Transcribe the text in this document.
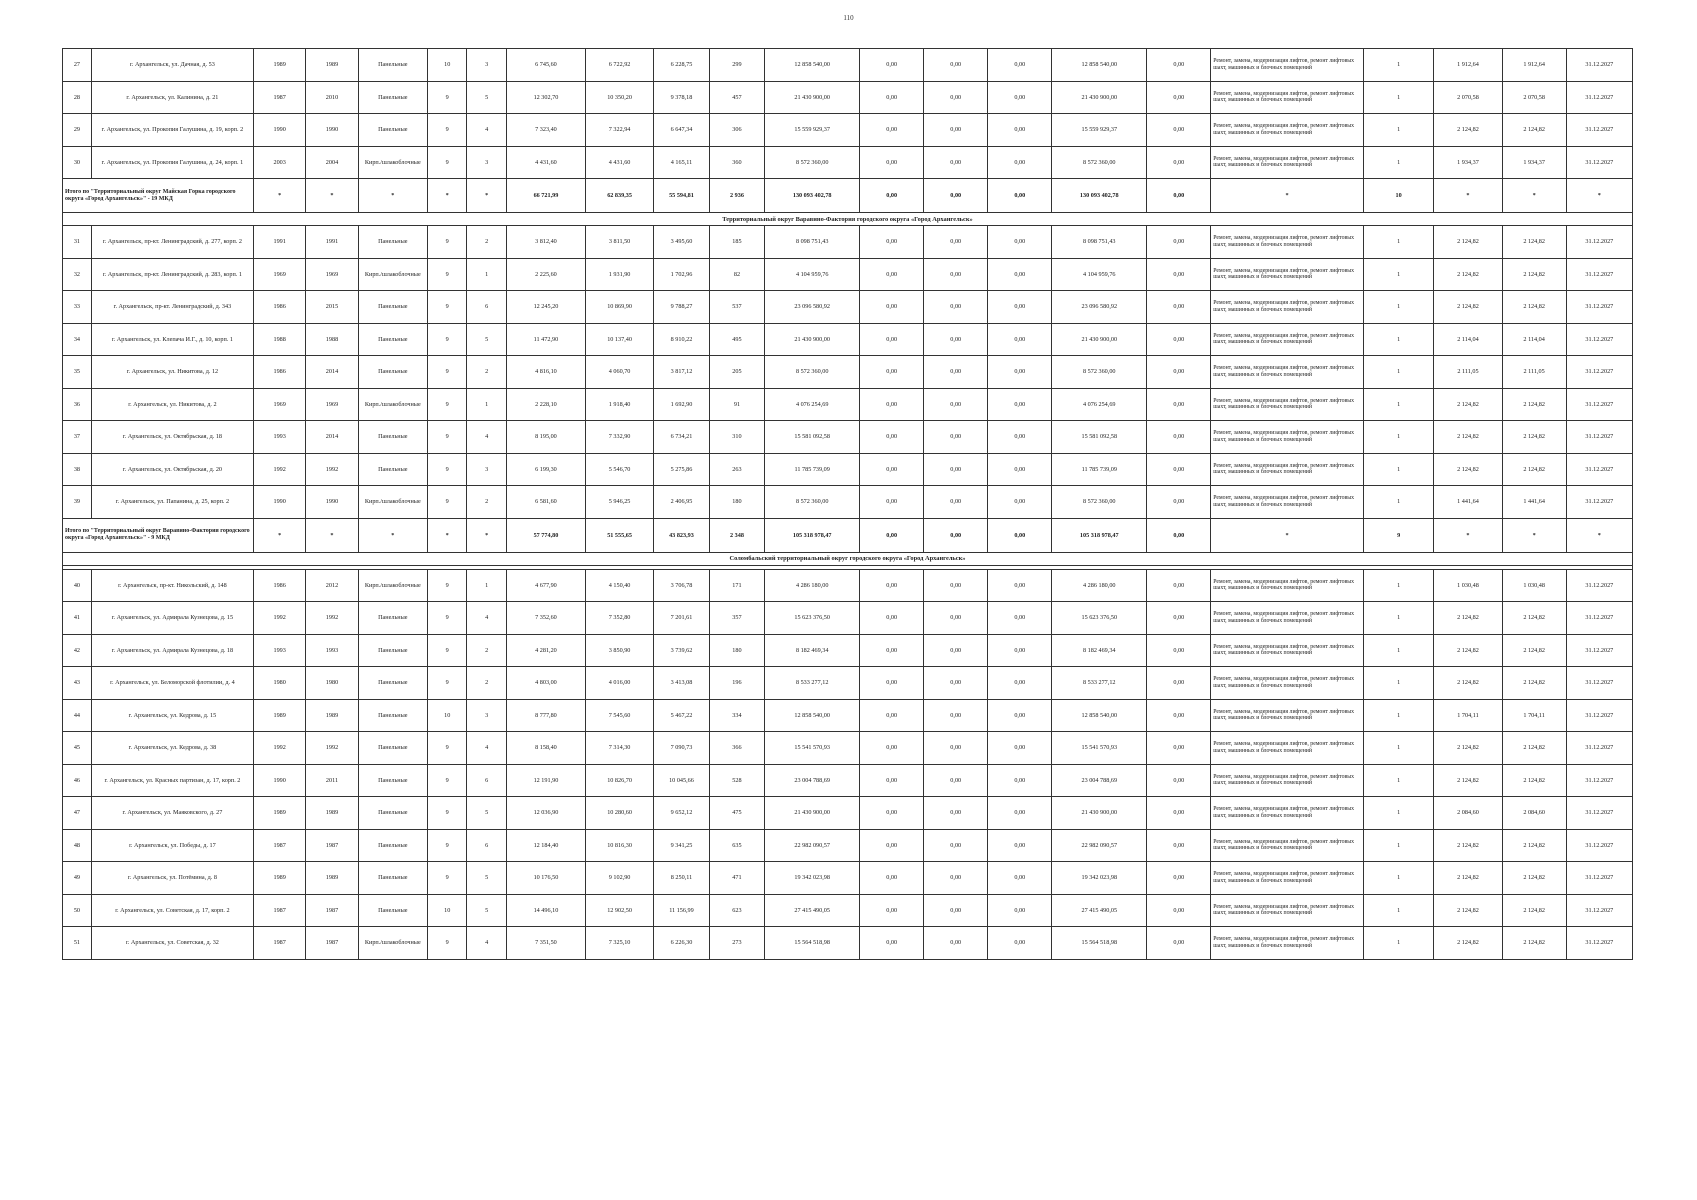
110
27	г. Архангельск, ул. Дачная, д. 53	1989	1989	Панельные	10	3	6 745,60	6 722,92	6 228,75	299	12 858 540,00	0,00	0,00	0,00	12 858 540,00	0,00	Ремонт, замена, модернизация лифтов, ремонт лифтовых шахт, машинных и блочных помещений	1	1 912,64	1 912,64	31.12.2027
28	г. Архангельск, ул. Калинина, д. 21	1987	2010	Панельные	9	5	12 302,70	10 350,20	9 378,18	457	21 430 900,00	0,00	0,00	0,00	21 430 900,00	0,00	Ремонт, замена, модернизация лифтов, ремонт лифтовых шахт, машинных и блочных помещений	1	2 070,58	2 070,58	31.12.2027
29	г. Архангельск, ул. Прокопия Галушина, д. 19, корп. 2	1990	1990	Панельные	9	4	7 323,40	7 322,94	6 647,34	306	15 559 929,37	0,00	0,00	0,00	15 559 929,37	0,00	Ремонт, замена, модернизация лифтов, ремонт лифтовых шахт, машинных и блочных помещений	1	2 124,82	2 124,82	31.12.2027
30	г. Архангельск, ул. Прокопия Галушина, д. 24, корп. 1	2003	2004	Кирп./шлакоблочные	9	3	4 431,60	4 431,60	4 165,11	360	8 572 360,00	0,00	0,00	0,00	8 572 360,00	0,00	Ремонт, замена, модернизация лифтов, ремонт лифтовых шахт, машинных и блочных помещений	1	1 934,37	1 934,37	31.12.2027
Итого по "Территориальный округ Майская Горка городского округа «Город Архангельск»" - 19 МКД		*	*	*	*	*	66 721,99	62 839,35	55 594,81	2 936	130 093 402,78	0,00	0,00	0,00	130 093 402,78	0,00	*	10	*	*	*
Территориальный округ Варавино-Фактория городского округа «Город Архангельск»																					
31	г. Архангельск, пр-кт. Ленинградский, д. 277, корп. 2	1991	1991	Панельные	9	2	3 812,40	3 811,50	3 495,60	185	8 098 751,43	0,00	0,00	0,00	8 098 751,43	0,00	Ремонт, замена, модернизация лифтов, ремонт лифтовых шахт, машинных и блочных помещений	1	2 124,82	2 124,82	31.12.2027
32	г. Архангельск, пр-кт. Ленинградский, д. 283, корп. 1	1969	1969	Кирп./шлакоблочные	9	1	2 225,60	1 931,90	1 702,96	82	4 104 959,76	0,00	0,00	0,00	4 104 959,76	0,00	Ремонт, замена, модернизация лифтов, ремонт лифтовых шахт, машинных и блочных помещений	1	2 124,82	2 124,82	31.12.2027
33	г. Архангельск, пр-кт. Ленинградский, д. 343	1986	2015	Панельные	9	6	12 245,20	10 869,90	9 788,27	537	23 096 580,92	0,00	0,00	0,00	23 096 580,92	0,00	Ремонт, замена, модернизация лифтов, ремонт лифтовых шахт, машинных и блочных помещений	1	2 124,82	2 124,82	31.12.2027
34	г. Архангельск, ул. Клепача И.Г., д. 10, корп. 1	1988	1988	Панельные	9	5	11 472,90	10 137,40	8 910,22	495	21 430 900,00	0,00	0,00	0,00	21 430 900,00	0,00	Ремонт, замена, модернизация лифтов, ремонт лифтовых шахт, машинных и блочных помещений	1	2 114,04	2 114,04	31.12.2027
35	г. Архангельск, ул. Никитова, д. 12	1986	2014	Панельные	9	2	4 816,10	4 060,70	3 817,12	205	8 572 360,00	0,00	0,00	0,00	8 572 360,00	0,00	Ремонт, замена, модернизация лифтов, ремонт лифтовых шахт, машинных и блочных помещений	1	2 111,05	2 111,05	31.12.2027
36	г. Архангельск, ул. Никитова, д. 2	1969	1969	Кирп./шлакоблочные	9	1	2 228,10	1 918,40	1 692,90	91	4 076 254,69	0,00	0,00	0,00	4 076 254,69	0,00	Ремонт, замена, модернизация лифтов, ремонт лифтовых шахт, машинных и блочных помещений	1	2 124,82	2 124,82	31.12.2027
37	г. Архангельск, ул. Октябрьская, д. 18	1993	2014	Панельные	9	4	8 195,00	7 332,90	6 734,21	310	15 581 092,58	0,00	0,00	0,00	15 581 092,58	0,00	Ремонт, замена, модернизация лифтов, ремонт лифтовых шахт, машинных и блочных помещений	1	2 124,82	2 124,82	31.12.2027
38	г. Архангельск, ул. Октябрьская, д. 20	1992	1992	Панельные	9	3	6 199,30	5 546,70	5 275,86	263	11 785 739,09	0,00	0,00	0,00	11 785 739,09	0,00	Ремонт, замена, модернизация лифтов, ремонт лифтовых шахт, машинных и блочных помещений	1	2 124,82	2 124,82	31.12.2027
39	г. Архангельск, ул. Папанина, д. 25, корп. 2	1990	1990	Кирп./шлакоблочные	9	2	6 581,60	5 946,25	2 406,95	180	8 572 360,00	0,00	0,00	0,00	8 572 360,00	0,00	Ремонт, замена, модернизация лифтов, ремонт лифтовых шахт, машинных и блочных помещений	1	1 441,64	1 441,64	31.12.2027
Итого по "Территориальный округ Варавино-Фактория городского округа «Город Архангельск»" - 9 МКД		*	*	*	*	*	57 774,80	51 555,65	43 823,93	2 348	105 318 978,47	0,00	0,00	0,00	105 318 978,47	0,00	*	9	*	*	*
Соломбальский территориальный округ городского округа «Город Архангельск»																					

40	г. Архангельск, пр-кт. Никольский, д. 148	1986	2012	Кирп./шлакоблочные	9	1	4 677,90	4 150,40	3 706,78	171	4 286 180,00	0,00	0,00	0,00	4 286 180,00	0,00	Ремонт, замена, модернизация лифтов, ремонт лифтовых шахт, машинных и блочных помещений	1	1 030,48	1 030,48	31.12.2027
41	г. Архангельск, ул. Адмирала Кузнецова, д. 15	1992	1992	Панельные	9	4	7 352,60	7 352,80	7 201,61	357	15 623 376,50	0,00	0,00	0,00	15 623 376,50	0,00	Ремонт, замена, модернизация лифтов, ремонт лифтовых шахт, машинных и блочных помещений	1	2 124,82	2 124,82	31.12.2027
42	г. Архангельск, ул. Адмирала Кузнецова, д. 18	1993	1993	Панельные	9	2	4 281,20	3 850,90	3 739,62	180	8 182 469,34	0,00	0,00	0,00	8 182 469,34	0,00	Ремонт, замена, модернизация лифтов, ремонт лифтовых шахт, машинных и блочных помещений	1	2 124,82	2 124,82	31.12.2027
43	г. Архангельск, ул. Беломорской флотилии, д. 4	1980	1980	Панельные	9	2	4 803,00	4 016,00	3 413,08	196	8 533 277,12	0,00	0,00	0,00	8 533 277,12	0,00	Ремонт, замена, модернизация лифтов, ремонт лифтовых шахт, машинных и блочных помещений	1	2 124,82	2 124,82	31.12.2027
44	г. Архангельск, ул. Кедрова, д. 15	1989	1989	Панельные	10	3	8 777,80	7 545,60	5 467,22	334	12 858 540,00	0,00	0,00	0,00	12 858 540,00	0,00	Ремонт, замена, модернизация лифтов, ремонт лифтовых шахт, машинных и блочных помещений	1	1 704,11	1 704,11	31.12.2027
45	г. Архангельск, ул. Кедрова, д. 38	1992	1992	Панельные	9	4	8 158,40	7 314,30	7 090,73	366	15 541 570,93	0,00	0,00	0,00	15 541 570,93	0,00	Ремонт, замена, модернизация лифтов, ремонт лифтовых шахт, машинных и блочных помещений	1	2 124,82	2 124,82	31.12.2027
46	г. Архангельск, ул. Красных партизан, д. 17, корп. 2	1990	2011	Панельные	9	6	12 191,90	10 826,70	10 045,66	528	23 004 788,69	0,00	0,00	0,00	23 004 788,69	0,00	Ремонт, замена, модернизация лифтов, ремонт лифтовых шахт, машинных и блочных помещений	1	2 124,82	2 124,82	31.12.2027
47	г. Архангельск, ул. Маяковского, д. 27	1989	1989	Панельные	9	5	12 036,90	10 280,60	9 652,12	475	21 430 900,00	0,00	0,00	0,00	21 430 900,00	0,00	Ремонт, замена, модернизация лифтов, ремонт лифтовых шахт, машинных и блочных помещений	1	2 084,60	2 084,60	31.12.2027
48	г. Архангельск, ул. Победы, д. 17	1987	1987	Панельные	9	6	12 184,40	10 816,30	9 341,25	635	22 982 090,57	0,00	0,00	0,00	22 982 090,57	0,00	Ремонт, замена, модернизация лифтов, ремонт лифтовых шахт, машинных и блочных помещений	1	2 124,82	2 124,82	31.12.2027
49	г. Архангельск, ул. Потёмина, д. 8	1989	1989	Панельные	9	5	10 176,50	9 102,90	8 250,11	471	19 342 023,98	0,00	0,00	0,00	19 342 023,98	0,00	Ремонт, замена, модернизация лифтов, ремонт лифтовых шахт, машинных и блочных помещений	1	2 124,82	2 124,82	31.12.2027
50	г. Архангельск, ул. Советская, д. 17, корп. 2	1987	1987	Панельные	10	5	14 496,10	12 902,50	11 156,99	623	27 415 490,05	0,00	0,00	0,00	27 415 490,05	0,00	Ремонт, замена, модернизация лифтов, ремонт лифтовых шахт, машинных и блочных помещений	1	2 124,82	2 124,82	31.12.2027
51	г. Архангельск, ул. Советская, д. 32	1987	1987	Кирп./шлакоблочные	9	4	7 351,50	7 325,10	6 226,30	273	15 564 518,98	0,00	0,00	0,00	15 564 518,98	0,00	Ремонт, замена, модернизация лифтов, ремонт лифтовых шахт, машинных и блочных помещений	1	2 124,82	2 124,82	31.12.2027
